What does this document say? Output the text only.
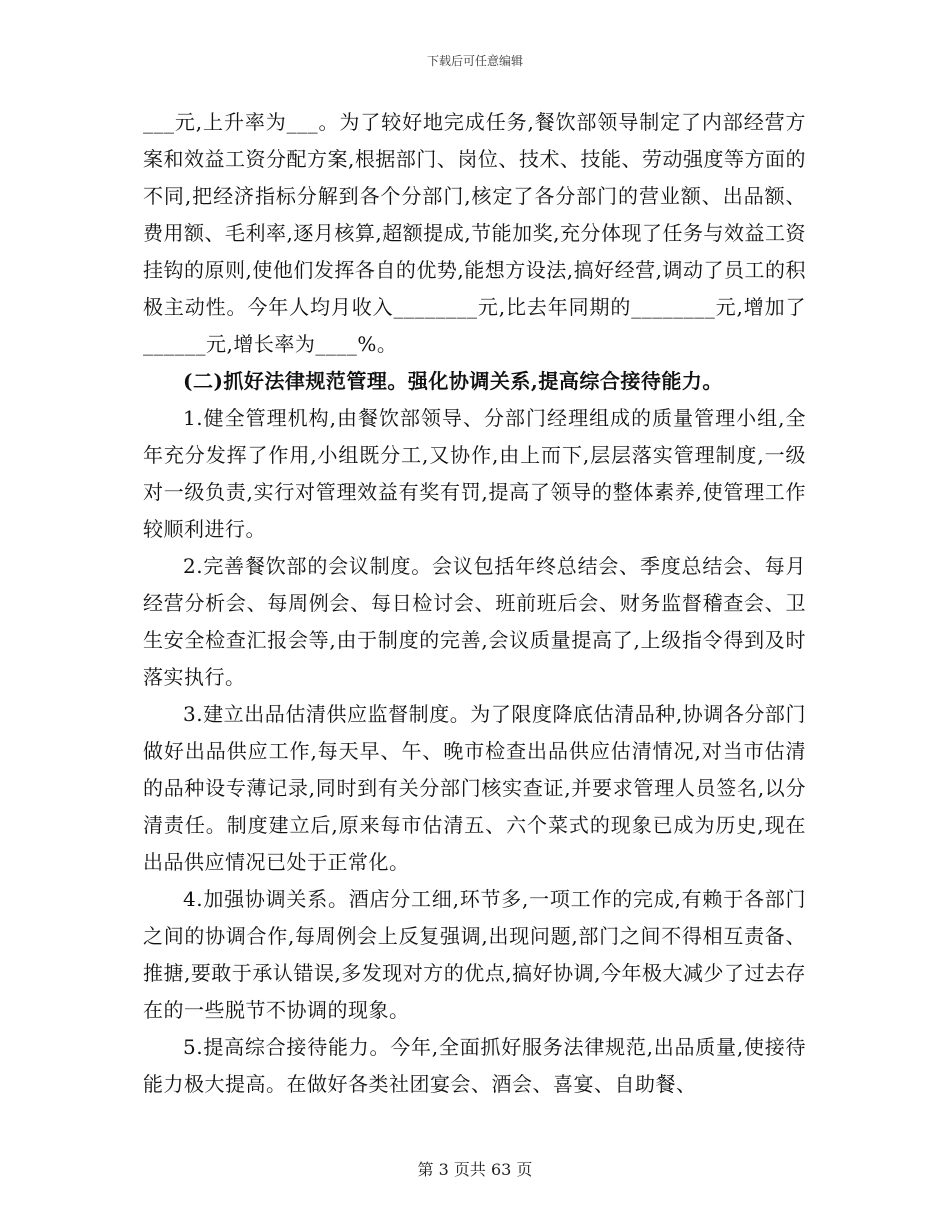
下载后可任意编辑

___元,上升率为___。为了较好地完成任务,餐饮部领导制定了内部经营方案和效益工资分配方案,根据部门、岗位、技术、技能、劳动强度等方面的不同,把经济指标分解到各个分部门,核定了各分部门的营业额、出品额、费用额、毛利率,逐月核算,超额提成,节能加奖,充分体现了任务与效益工资挂钩的原则,使他们发挥各自的优势,能想方设法,搞好经营,调动了员工的积极主动性。今年人均月收入________元,比去年同期的________元,增加了______元,增长率为____%。

(二)抓好法律规范管理。强化协调关系,提高综合接待能力。

1.健全管理机构,由餐饮部领导、分部门经理组成的质量管理小组,全年充分发挥了作用,小组既分工,又协作,由上而下,层层落实管理制度,一级对一级负责,实行对管理效益有奖有罚,提高了领导的整体素养,使管理工作较顺利进行。

2.完善餐饮部的会议制度。会议包括年终总结会、季度总结会、每月经营分析会、每周例会、每日检讨会、班前班后会、财务监督稽查会、卫生安全检查汇报会等,由于制度的完善,会议质量提高了,上级指令得到及时落实执行。

3.建立出品估清供应监督制度。为了限度降底估清品种,协调各分部门做好出品供应工作,每天早、午、晚市检查出品供应估清情况,对当市估清的品种设专薄记录,同时到有关分部门核实查证,并要求管理人员签名,以分清责任。制度建立后,原来每市估清五、六个菜式的现象已成为历史,现在出品供应情况已处于正常化。

4.加强协调关系。酒店分工细,环节多,一项工作的完成,有赖于各部门之间的协调合作,每周例会上反复强调,出现问题,部门之间不得相互责备、推搪,要敢于承认错误,多发现对方的优点,搞好协调,今年极大减少了过去存在的一些脱节不协调的现象。

5.提高综合接待能力。今年,全面抓好服务法律规范,出品质量,使接待能力极大提高。在做好各类社团宴会、酒会、喜宴、自助餐、

第 3 页共 63 页
